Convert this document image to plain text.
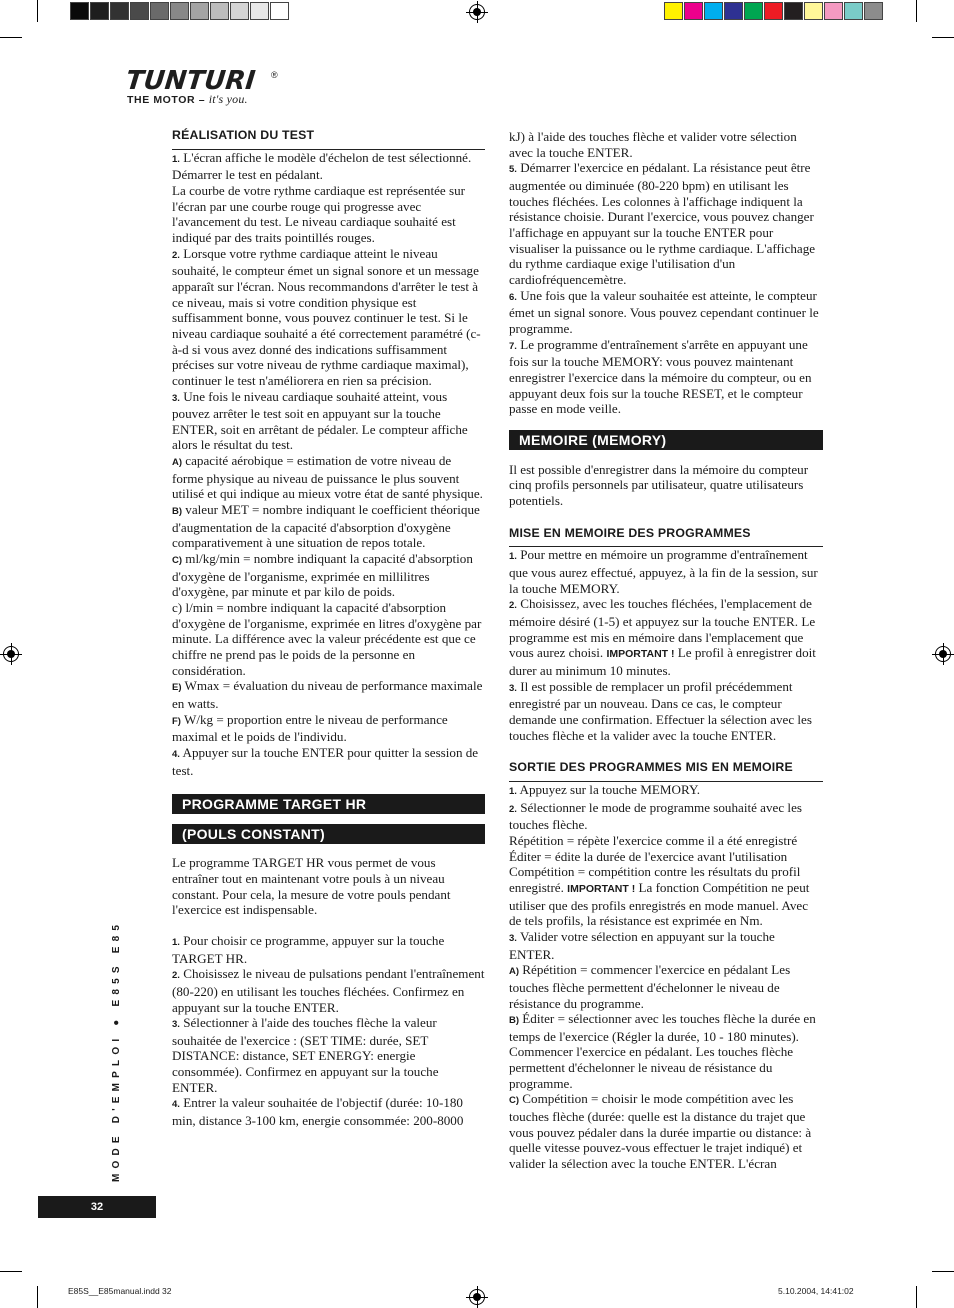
TUNTURI ®
THE MOTOR – it's you.

RÉALISATION DU TEST

1. L'écran affiche le modèle d'échelon de test sélectionné. Démarrer le test en pédalant.

La courbe de votre rythme cardiaque est représentée sur l'écran par une courbe rouge qui progresse avec l'avancement du test. Le niveau cardiaque souhaité est indiqué par des traits pointillés rouges.

2. Lorsque votre rythme cardiaque atteint le niveau souhaité, le compteur émet un signal sonore et un message apparaît sur l'écran. Nous recommandons d'arrêter le test à ce niveau, mais si votre condition physique est suffisamment bonne, vous pouvez continuer le test. Si le niveau cardiaque souhaité a été correctement paramétré (c-à-d si vous avez donné des indications suffisamment précises sur votre niveau de rythme cardiaque maximal), continuer le test n'améliorera en rien sa précision.

3. Une fois le niveau cardiaque souhaité atteint, vous pouvez arrêter le test soit en appuyant sur la touche ENTER, soit en arrêtant de pédaler. Le compteur affiche alors le résultat du test.

A) capacité aérobique = estimation de votre niveau de forme physique au niveau de puissance le plus souvent utilisé et qui indique au mieux votre état de santé physique.

B) valeur MET = nombre indiquant le coefficient théorique d'augmentation de la capacité d'absorption d'oxygène comparativement à une situation de repos totale.

C) ml/kg/min = nombre indiquant la capacité d'absorption d'oxygène de l'organisme, exprimée en millilitres d'oxygène, par minute et par kilo de poids.

c) l/min = nombre indiquant la capacité d'absorption d'oxygène de l'organisme, exprimée en litres d'oxygène par minute. La différence avec la valeur précédente est que ce chiffre ne prend pas le poids de la personne en considération.

E) Wmax = évaluation du niveau de performance maximale en watts.

F) W/kg = proportion entre le niveau de performance maximal et le poids de l'individu.

4. Appuyer sur la touche ENTER pour quitter la session de test.

PROGRAMME TARGET HR
(POULS CONSTANT)

Le programme TARGET HR vous permet de vous entraîner tout en maintenant votre pouls à un niveau constant. Pour cela, la mesure de votre pouls pendant l'exercice est indispensable.

1. Pour choisir ce programme, appuyer sur la touche TARGET HR.

2. Choisissez le niveau de pulsations pendant l'entraînement (80-220) en utilisant les touches fléchées. Confirmez en appuyant sur la touche ENTER.

3. Sélectionner à l'aide des touches flèche la valeur souhaitée de l'exercice : (SET TIME: durée, SET DISTANCE: distance, SET ENERGY: energie consommée). Confirmez en appuyant sur la touche ENTER.

4. Entrer la valeur souhaitée de l'objectif (durée: 10-180 min, distance 3-100 km, energie consommée: 200-8000

kJ) à l'aide des touches flèche et valider votre sélection avec la touche ENTER.

5. Démarrer l'exercice en pédalant. La résistance peut être augmentée ou diminuée (80-220 bpm) en utilisant les touches fléchées. Les colonnes à l'affichage indiquent la résistance choisie. Durant l'exercice, vous pouvez changer l'affichage en appuyant sur la touche ENTER pour visualiser la puissance ou le rythme cardiaque. L'affichage du rythme cardiaque exige l'utilisation d'un cardiofréquencemètre.

6. Une fois que la valeur souhaitée est atteinte, le compteur émet un signal sonore. Vous pouvez cependant continuer le programme.

7. Le programme d'entraînement s'arrête en appuyant une fois sur la touche MEMORY: vous pouvez maintenant enregistrer l'exercice dans la mémoire du compteur, ou en appuyant deux fois sur la touche RESET, et le compteur passe en mode veille.

MEMOIRE (MEMORY)

Il est possible d'enregistrer dans la mémoire du compteur cinq profils personnels par utilisateur, quatre utilisateurs potentiels.

MISE EN MEMOIRE DES PROGRAMMES

1. Pour mettre en mémoire un programme d'entraînement que vous aurez effectué, appuyez, à la fin de la session, sur la touche MEMORY.

2. Choisissez, avec les touches fléchées, l'emplacement de mémoire désiré (1-5) et appuyez sur la touche ENTER. Le programme est mis en mémoire dans l'emplacement que vous aurez choisi. IMPORTANT ! Le profil à enregistrer doit durer au minimum 10 minutes.

3. Il est possible de remplacer un profil précédemment enregistré par un nouveau. Dans ce cas, le compteur demande une confirmation. Effectuer la sélection avec les touches flèche et la valider avec la touche ENTER.

SORTIE DES PROGRAMMES MIS EN MEMOIRE

1. Appuyez sur la touche MEMORY.

2. Sélectionner le mode de programme souhaité avec les touches flèche.

Répétition = répète l'exercice comme il a été enregistré

Éditer = édite la durée de l'exercice avant l'utilisation

Compétition = compétition contre les résultats du profil enregistré. IMPORTANT ! La fonction Compétition ne peut utiliser que des profils enregistrés en mode manuel. Avec de tels profils, la résistance est exprimée en Nm.

3. Valider votre sélection en appuyant sur la touche ENTER.

A) Répétition = commencer l'exercice en pédalant Les touches flèche permettent d'échelonner le niveau de résistance du programme.

B) Éditer = sélectionner avec les touches flèche la durée en temps de l'exercice (Régler la durée, 10 - 180 minutes). Commencer l'exercice en pédalant. Les touches flèche permettent d'échelonner le niveau de résistance du programme.

C) Compétition = choisir le mode compétition avec les touches flèche (durée: quelle est la distance du trajet que vous pouvez pédaler dans la durée impartie ou distance: à quelle vitesse pouvez-vous effectuer le trajet indiqué) et valider la sélection avec la touche ENTER. L'écran

MODE D'EMPLOI ● E85S E85
32
E85S__E85manual.indd 32	5.10.2004, 14:41:02
